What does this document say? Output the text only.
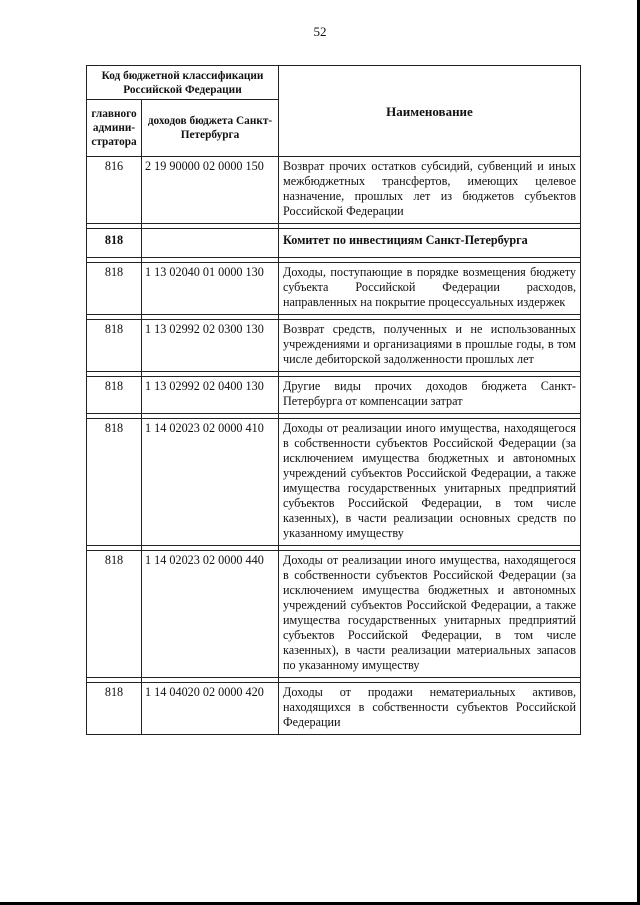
52
Код бюджетной классификации Российской Федерации		Наименование
главного админи-стратора	доходов бюджета Санкт-Петербурга	
816	2 19 90000 02 0000 150	Возврат прочих остатков субсидий, субвенций и иных межбюджетных трансфертов, имеющих целевое назначение, прошлых лет из бюджетов субъектов Российской Федерации

818		Комитет по инвестициям Санкт-Петербурга

818	1 13 02040 01 0000 130	Доходы, поступающие в порядке возмещения бюджету субъекта Российской Федерации расходов, направленных на покрытие процессуальных издержек

818	1 13 02992 02 0300 130	Возврат средств, полученных и не использованных учреждениями и организациями в прошлые годы, в том числе дебиторской задолженности прошлых лет

818	1 13 02992 02 0400 130	Другие виды прочих доходов бюджета Санкт-Петербурга от компенсации затрат

818	1 14 02023 02 0000 410	Доходы от реализации иного имущества, находящегося в собственности субъектов Российской Федерации (за исключением имущества бюджетных и автономных учреждений субъектов Российской Федерации, а также имущества государственных унитарных предприятий субъектов Российской Федерации, в том числе казенных), в части реализации основных средств по указанному имуществу

818	1 14 02023 02 0000 440	Доходы от реализации иного имущества, находящегося в собственности субъектов Российской Федерации (за исключением имущества бюджетных и автономных учреждений субъектов Российской Федерации, а также имущества государственных унитарных предприятий субъектов Российской Федерации, в том числе казенных), в части реализации материальных запасов по указанному имуществу

818	1 14 04020 02 0000 420	Доходы от продажи нематериальных активов, находящихся в собственности субъектов Российской Федерации
